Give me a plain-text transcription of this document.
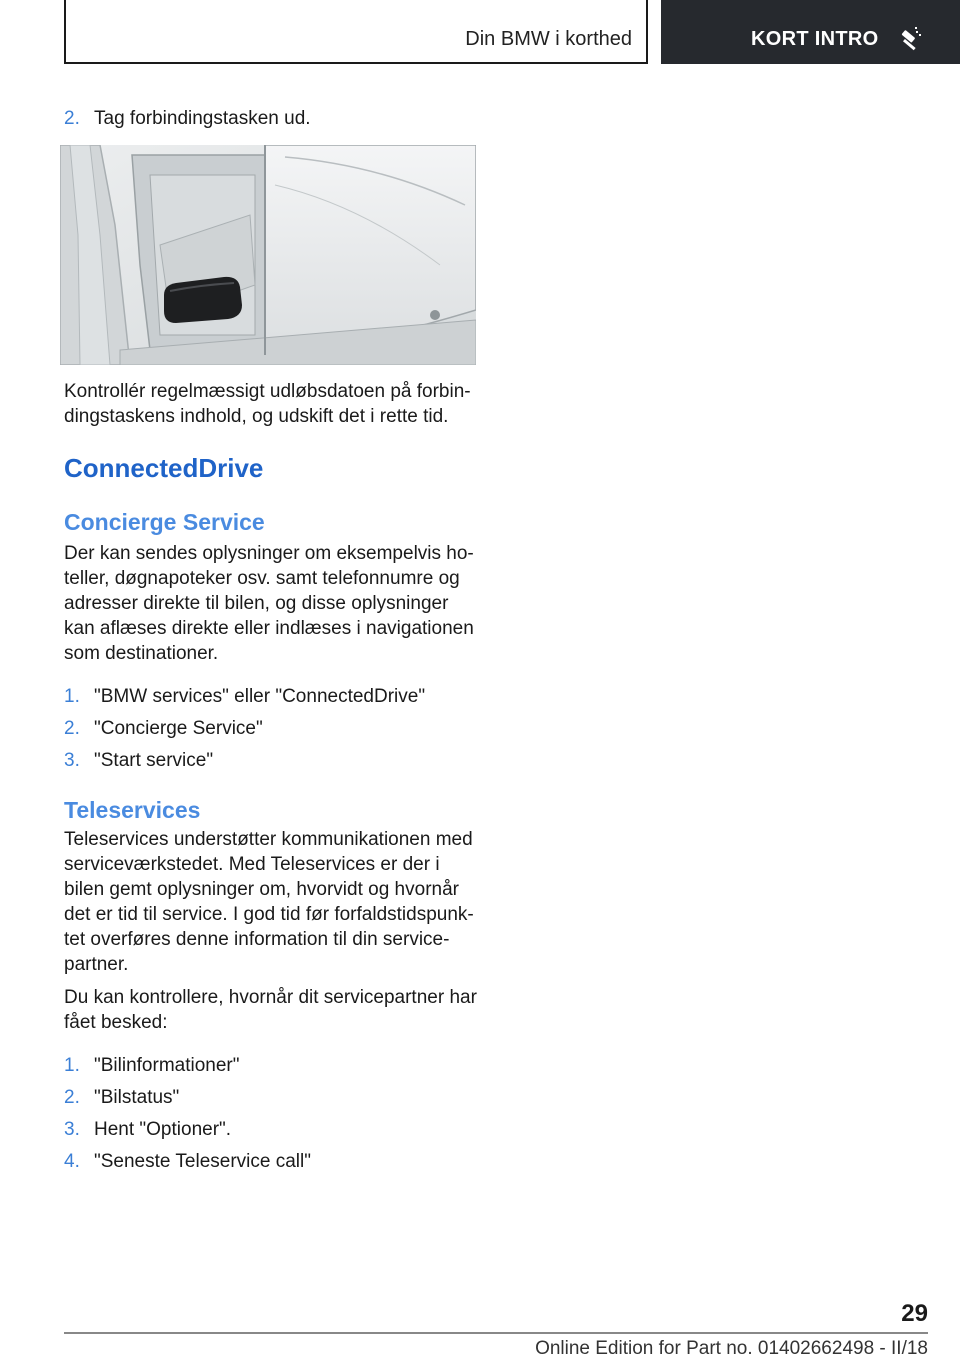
Din BMW i korthed	KORT INTRO
2. Tag forbindingstasken ud.

Kontrollér regelmæssigt udløbsdatoen på forbin-dingstaskens indhold, og udskift det i rette tid.

ConnectedDrive
Concierge Service

Der kan sendes oplysninger om eksempelvis ho-teller, døgnapoteker osv. samt telefonnumre og adresser direkte til bilen, og disse oplysninger kan aflæses direkte eller indlæses i navigationen som destinationer.

1. "BMW services" eller "ConnectedDrive"
2. "Concierge Service"
3. "Start service"
Teleservices

Teleservices understøtter kommunikationen med serviceværkstedet. Med Teleservices er der i bilen gemt oplysninger om, hvorvidt og hvornår det er tid til service. I god tid før forfaldstidspunk-tet overføres denne information til din service-partner.

Du kan kontrollere, hvornår dit servicepartner har fået besked:

1. "Bilinformationer"
2. "Bilstatus"
3. Hent "Optioner".
4. "Seneste Teleservice call"
29
Online Edition for Part no. 01402662498 - II/18
